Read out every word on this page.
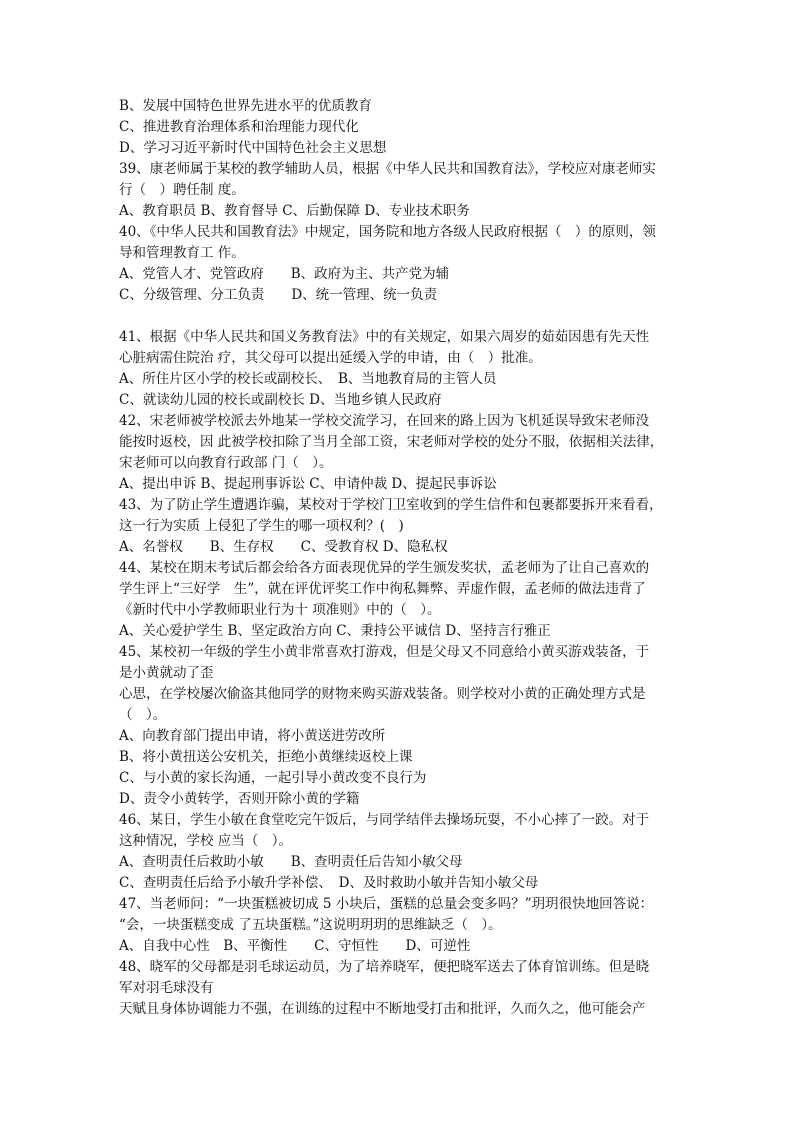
B、发展中国特色世界先进水平的优质教育
C、推进教育治理体系和治理能力现代化
D、学习习近平新时代中国特色社会主义思想
39、康老师属于某校的教学辅助人员，根据《中华人民共和国教育法》，学校应对康老师实
行（　）聘任制 度。
A、教育职员 B、教育督导 C、后勤保障 D、专业技术职务
40、《中华人民共和国教育法》中规定，国务院和地方各级人民政府根据（　）的原则，领
导和管理教育工 作。
A、党管人才、党管政府　　B、政府为主、共产党为辅
C、分级管理、分工负责　　D、统一管理、统一负责
41、根据《中华人民共和国义务教育法》中的有关规定，如果六周岁的茹茹因患有先天性
心脏病需住院治 疗，其父母可以提出延缓入学的申请，由（　）批准。
A、所住片区小学的校长或副校长、　B、当地教育局的主管人员
C、就读幼儿园的校长或副校长 D、当地乡镇人民政府
42、宋老师被学校派去外地某一学校交流学习，在回来的路上因为飞机延误导致宋老师没
能按时返校，因 此被学校扣除了当月全部工资，宋老师对学校的处分不服，依据相关法律，
宋老师可以向教育行政部 门（　）。
A、提出申诉 B、提起刑事诉讼 C、申请仲裁 D、提起民事诉讼
43、为了防止学生遭遇诈骗，某校对于学校门卫室收到的学生信件和包裹都要拆开来看看，
这一行为实质 上侵犯了学生的哪一项权利？(　)
A、名誉权　　B、生存权　　C、受教育权 D、隐私权
44、某校在期末考试后都会给各方面表现优异的学生颁发奖状，孟老师为了让自己喜欢的
学生评上“三好学　生”，就在评优评奖工作中徇私舞弊、弄虚作假，孟老师的做法违背了
《新时代中小学教师职业行为十 项准则》中的（　）。
A、关心爱护学生 B、坚定政治方向 C、秉持公平诚信 D、坚持言行雅正
45、某校初一年级的学生小黄非常喜欢打游戏，但是父母又不同意给小黄买游戏装备，于
是小黄就动了歪
心思，在学校屡次偷盗其他同学的财物来购买游戏装备。则学校对小黄的正确处理方式是
（　）。
A、向教育部门提出申请，将小黄送进劳改所
B、将小黄扭送公安机关，拒绝小黄继续返校上课
C、与小黄的家长沟通，一起引导小黄改变不良行为
D、责令小黄转学，否则开除小黄的学籍
46、某日，学生小敏在食堂吃完午饭后，与同学结伴去操场玩耍，不小心摔了一跤。对于
这种情况，学校 应当（　）。
A、查明责任后救助小敏　　B、查明责任后告知小敏父母
C、查明责任后给予小敏升学补偿、　D、及时救助小敏并告知小敏父母
47、当老师问：“一块蛋糕被切成 5 小块后，蛋糕的总量会变多吗？”玥玥很快地回答说：
“会，一块蛋糕变成 了五块蛋糕。”这说明玥玥的思维缺乏（　）。
A、自我中心性　B、平衡性　　C、守恒性　　D、可逆性
48、晓军的父母都是羽毛球运动员，为了培养晓军，便把晓军送去了体育馆训练。但是晓
军对羽毛球没有
天赋且身体协调能力不强，在训练的过程中不断地受打击和批评，久而久之，他可能会产
